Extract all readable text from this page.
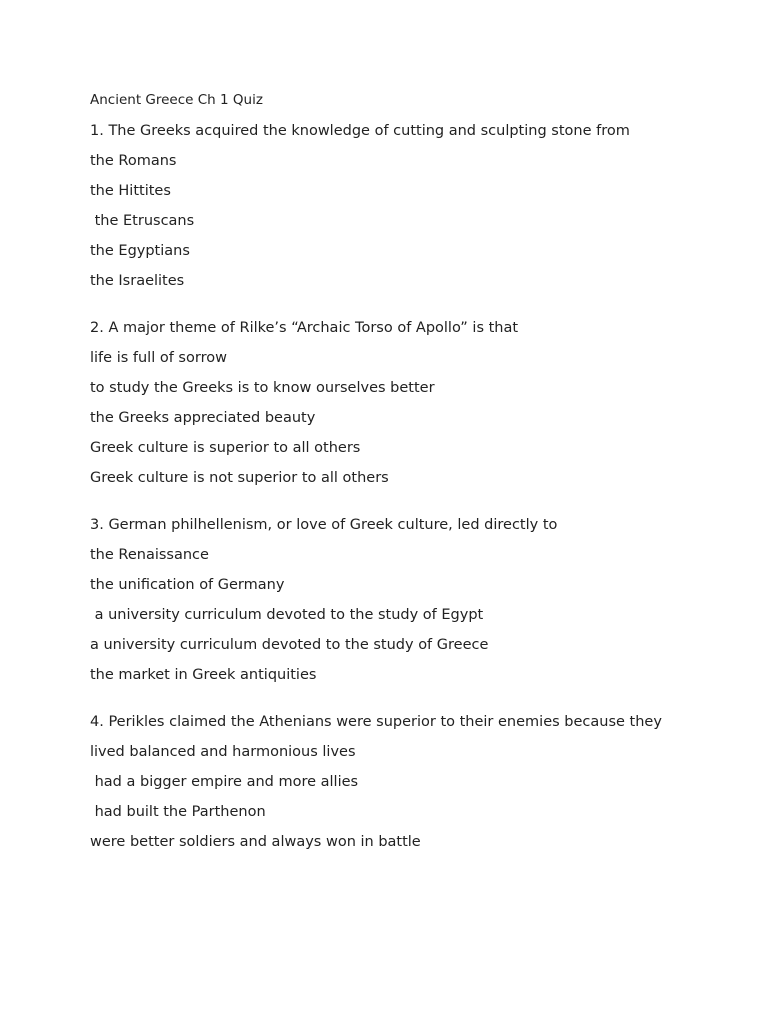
Ancient Greece Ch 1 Quiz
1. The Greeks acquired the knowledge of cutting and sculpting stone from
the Romans
the Hittites
the Etruscans
the Egyptians
the Israelites
2. A major theme of Rilke’s “Archaic Torso of Apollo” is that
life is full of sorrow
to study the Greeks is to know ourselves better
the Greeks appreciated beauty
Greek culture is superior to all others
Greek culture is not superior to all others
3. German philhellenism, or love of Greek culture, led directly to
the Renaissance
the unification of Germany
a university curriculum devoted to the study of Egypt
a university curriculum devoted to the study of Greece
the market in Greek antiquities
4. Perikles claimed the Athenians were superior to their enemies because they
lived balanced and harmonious lives
had a bigger empire and more allies
had built the Parthenon
were better soldiers and always won in battle
